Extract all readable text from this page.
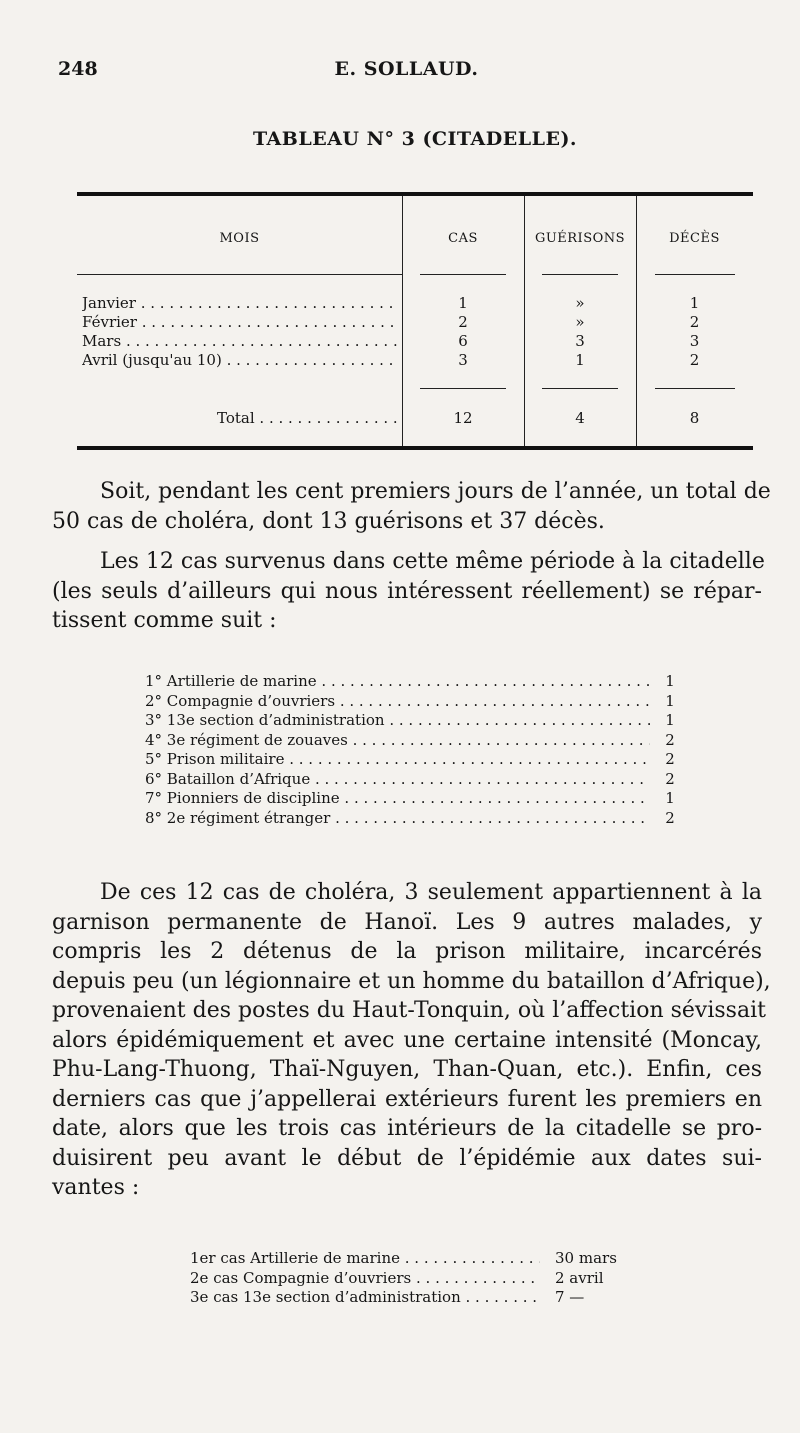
248	E. SOLLAUD.
TABLEAU N° 3 (CITADELLE).
MOIS	CAS	GUÉRISONS	DÉCÈS
Janvier . . .	1	»	1
Février . . .	2	»	2
Mars . . .	6	3	3
Avril (jusqu'au 10) . . .	3	1	2
Total . . .	12	4	8
Soit, pendant les cent premiers jours de l’année, un total de
50 cas de choléra, dont 13 guérisons et 37 décès.
Les 12 cas survenus dans cette même période à la citadelle
(les seuls d’ailleurs qui nous intéressent réellement) se répar-
tissent comme suit :
1° Artillerie de marine . . .	1
2° Compagnie d’ouvriers . . .	1
3° 13e section d’administration . . .	1
4° 3e régiment de zouaves . . .	2
5° Prison militaire . . .	2
6° Bataillon d’Afrique . . .	2
7° Pionniers de discipline . . .	1
8° 2e régiment étranger . . .	2
De ces 12 cas de choléra, 3 seulement appartiennent à la
garnison permanente de Hanoï. Les 9 autres malades, y
compris les 2 détenus de la prison militaire, incarcérés
depuis peu (un légionnaire et un homme du bataillon d’Afrique),
provenaient des postes du Haut-Tonquin, où l’affection sévissait
alors épidémiquement et avec une certaine intensité (Moncay,
Phu-Lang-Thuong, Thaï-Nguyen, Than-Quan, etc.). Enfin, ces
derniers cas que j’appellerai extérieurs furent les premiers en
date, alors que les trois cas intérieurs de la citadelle se pro-
duisirent peu avant le début de l’épidémie aux dates sui-
vantes :
1er cas Artillerie de marine . . .	30 mars
2e cas Compagnie d’ouvriers . . .	2 avril
3e cas 13e section d’administration . . .	7 —
